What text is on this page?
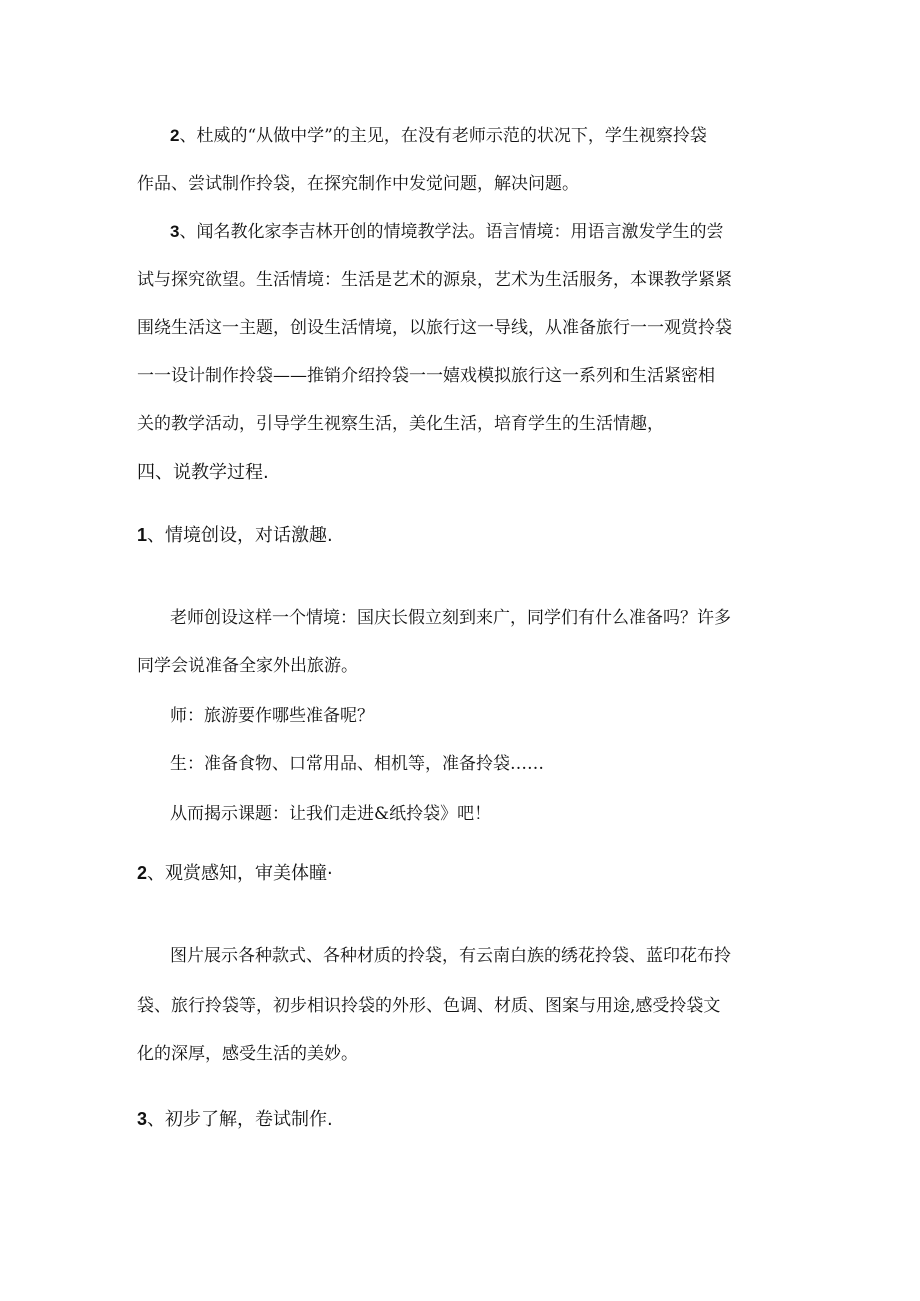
2、杜威的“从做中学”的主见，在没有老师示范的状况下，学生视察拎袋
作品、尝试制作拎袋，在探究制作中发觉问题，解决问题。
3、闻名教化家李吉林开创的情境教学法。语言情境：用语言激发学生的尝
试与探究欲望。生活情境：生活是艺术的源泉，艺术为生活服务，本课教学紧紧
围绕生活这一主题，创设生活情境，以旅行这一导线，从准备旅行一一观赏拎袋
一一设计制作拎袋——推销介绍拎袋一一嬉戏模拟旅行这一系列和生活紧密相
关的教学活动，引导学生视察生活，美化生活，培育学生的生活情趣，
四、说教学过程.
1、情境创设，对话激趣.
老师创设这样一个情境：国庆长假立刻到来广，同学们有什么准备吗？许多
同学会说准备全家外出旅游。
师：旅游要作哪些准备呢？
生：准备食物、口常用品、相机等，准备拎袋……
从而揭示课题：让我们走进&纸拎袋》吧！
2、观赏感知，审美体瞳·
图片展示各种款式、各种材质的拎袋，有云南白族的绣花拎袋、蓝印花布拎
袋、旅行拎袋等，初步相识拎袋的外形、色调、材质、图案与用途,感受拎袋文
化的深厚，感受生活的美妙。
3、初步了解，卷试制作.
